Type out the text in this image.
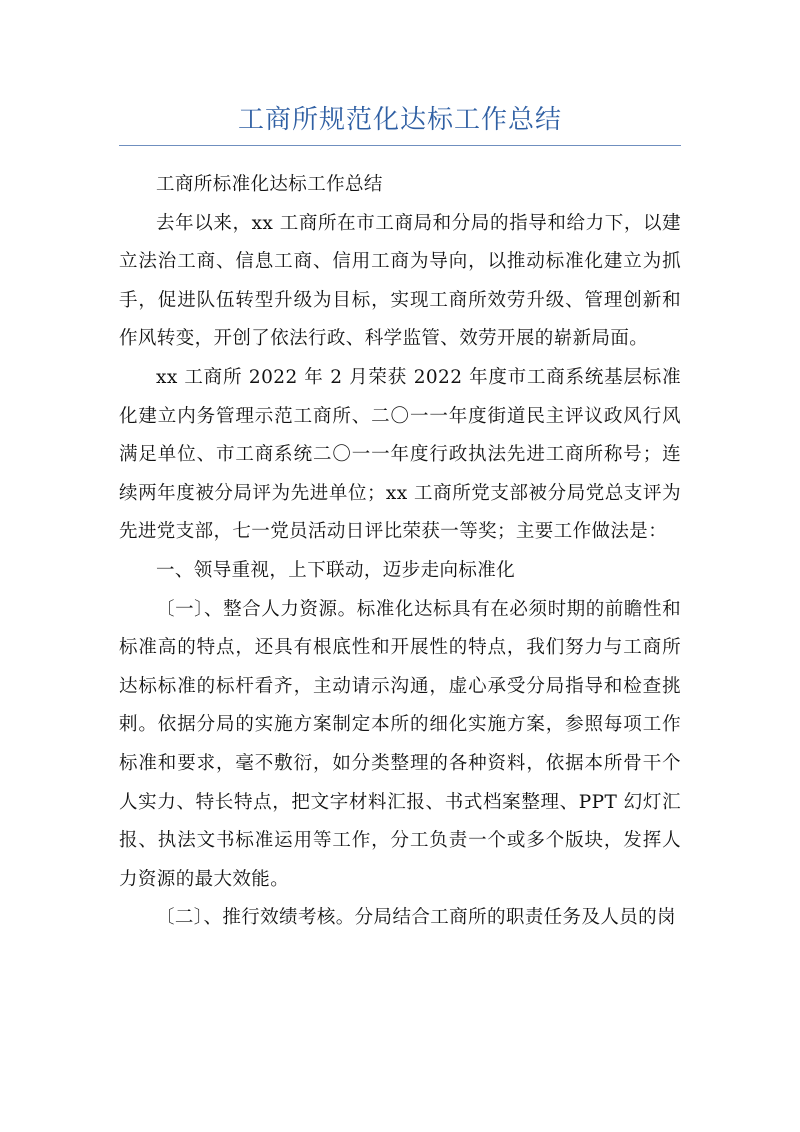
工商所规范化达标工作总结

工商所标准化达标工作总结

去年以来，xx 工商所在市工商局和分局的指导和给力下，以建立法治工商、信息工商、信用工商为导向，以推动标准化建立为抓手，促进队伍转型升级为目标，实现工商所效劳升级、管理创新和作风转变，开创了依法行政、科学监管、效劳开展的崭新局面。

xx 工商所 2022 年 2 月荣获 2022 年度市工商系统基层标准化建立内务管理示范工商所、二〇一一年度街道民主评议政风行风满足单位、市工商系统二〇一一年度行政执法先进工商所称号；连续两年度被分局评为先进单位；xx 工商所党支部被分局党总支评为先进党支部，七一党员活动日评比荣获一等奖；主要工作做法是：

一、领导重视，上下联动，迈步走向标准化

〔一〕、整合人力资源。标准化达标具有在必须时期的前瞻性和标准高的特点，还具有根底性和开展性的特点，我们努力与工商所达标标准的标杆看齐，主动请示沟通，虚心承受分局指导和检查挑剌。依据分局的实施方案制定本所的细化实施方案，参照每项工作标准和要求，毫不敷衍，如分类整理的各种资料，依据本所骨干个人实力、特长特点，把文字材料汇报、书式档案整理、PPT 幻灯汇报、执法文书标准运用等工作，分工负责一个或多个版块，发挥人力资源的最大效能。

〔二〕、推行效绩考核。分局结合工商所的职责任务及人员的岗
